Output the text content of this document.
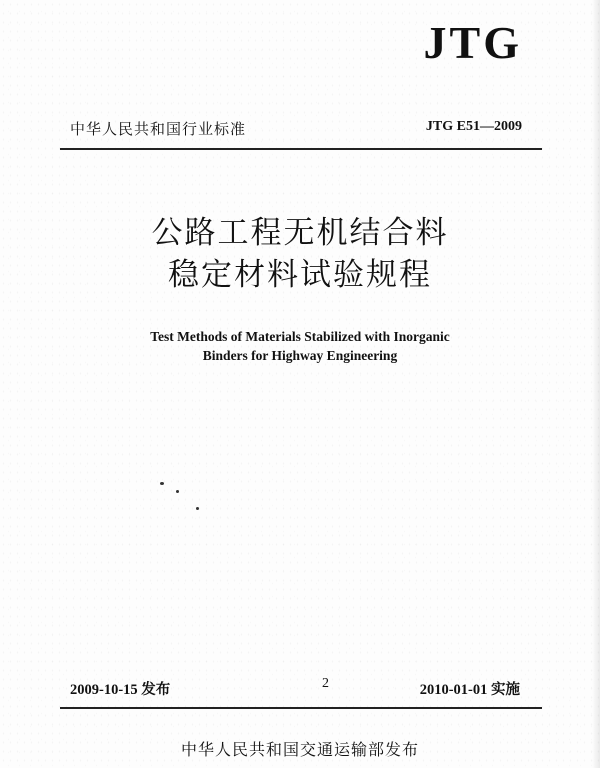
JTG
中华人民共和国行业标准	JTG E51—2009
公路工程无机结合料
稳定材料试验规程
Test Methods of Materials Stabilized with Inorganic
Binders for Highway Engineering
2009-10-15 发布	2	2010-01-01 实施
中华人民共和国交通运输部发布
